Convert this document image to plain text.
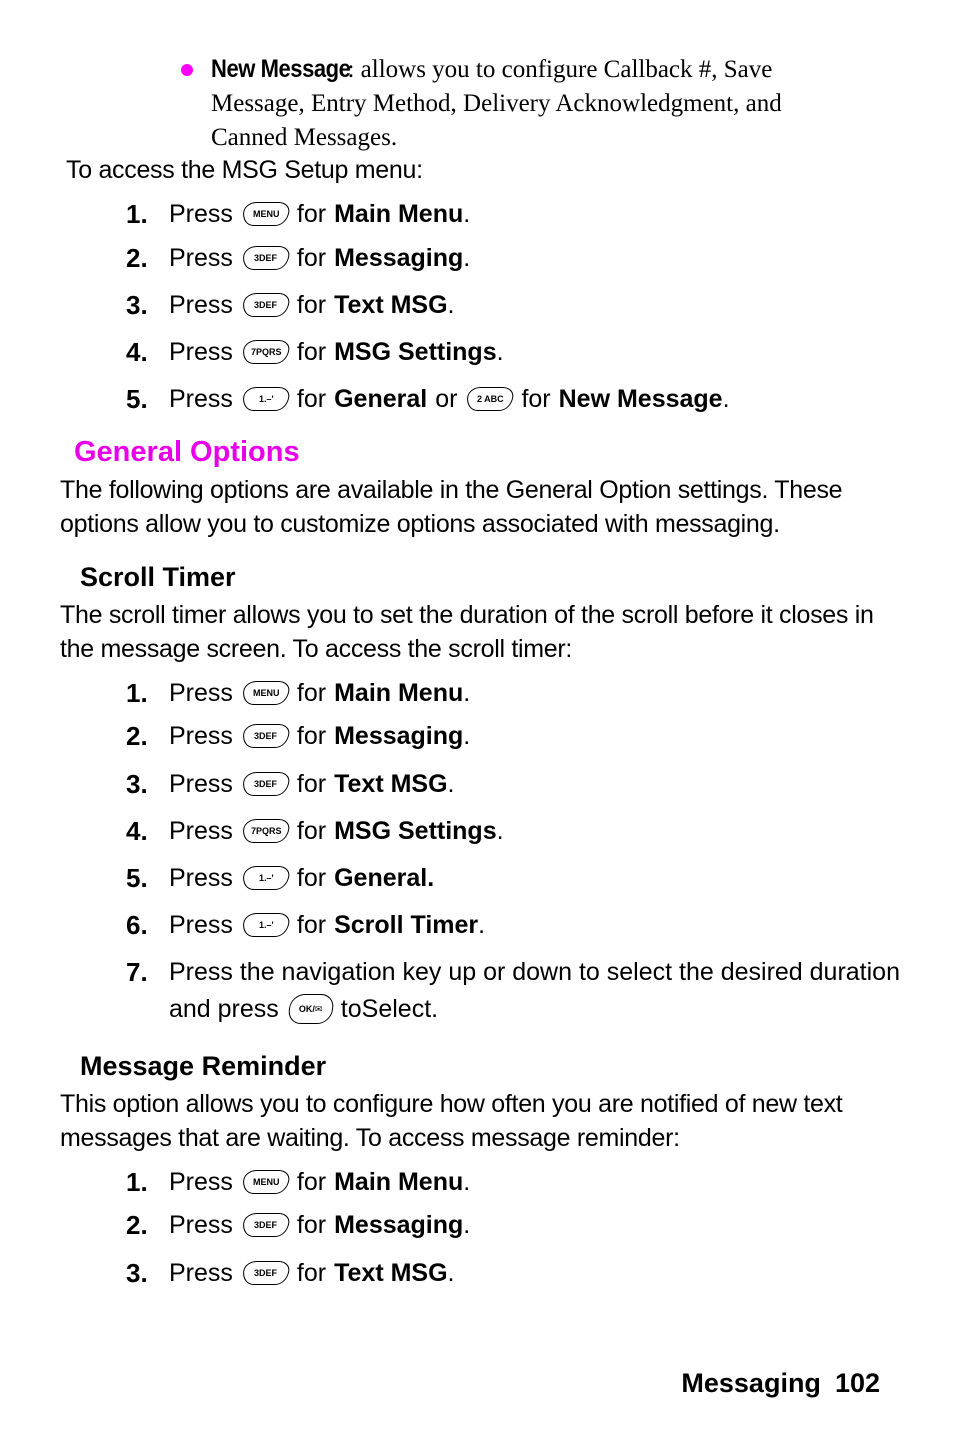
New Message: allows you to configure Callback #, Save Message, Entry Method, Delivery Acknowledgment, and Canned Messages.
To access the MSG Setup menu:
1. Press MENU for Main Menu .
2. Press 3DEF for Messaging .
3. Press 3DEF for Text MSG .
4. Press 7PQRS for MSG Settings .
5. Press	1.–' for General or 2 ABC for New Message .
General Options
The following options are available in the General Option settings. These options allow you to customize options associated with messaging.
Scroll Timer
The scroll timer allows you to set the duration of the scroll before it closes in the message screen. To access the scroll timer:
1. Press MENU for Main Menu .
2. Press 3DEF for Messaging .
3. Press 3DEF for Text MSG .
4. Press 7PQRS for MSG Settings .
5. Press	1.–' for General.
6. Press	1.–' for Scroll Timer .
7. Press the navigation key up or down to select the desired duration
and press OK/✉ to Select .
Message Reminder
This option allows you to configure how often you are notified of new text messages that are waiting. To access message reminder:
1. Press MENU for Main Menu .
2. Press 3DEF for Messaging .
3. Press 3DEF for Text MSG .
Messaging 102
